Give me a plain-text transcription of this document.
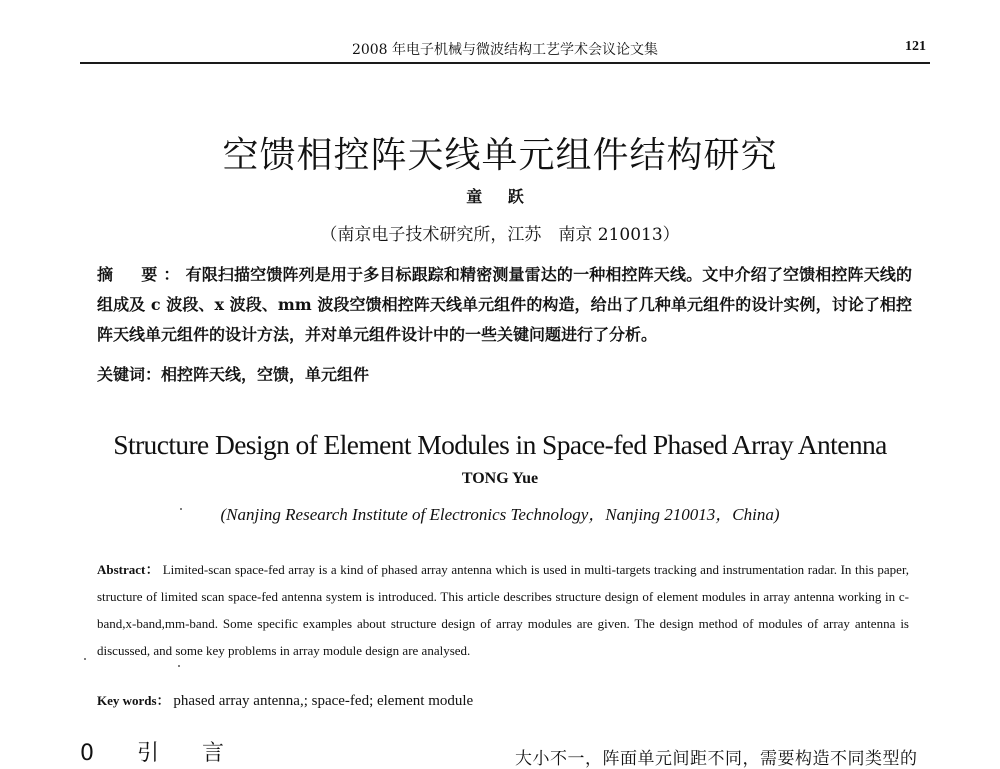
2008 年电子机械与微波结构工艺学术会议论文集	121
空馈相控阵天线单元组件结构研究
童 跃
（南京电子技术研究所，江苏　南京 210013）
摘　要：有限扫描空馈阵列是用于多目标跟踪和精密测量雷达的一种相控阵天线。文中介绍了空馈相控阵天线的组成及 c 波段、x 波段、mm 波段空馈相控阵天线单元组件的构造，给出了几种单元组件的设计实例，讨论了相控阵天线单元组件的设计方法，并对单元组件设计中的一些关键问题进行了分析。
关键词：相控阵天线，空馈，单元组件
Structure Design of Element Modules in Space-fed Phased Array Antenna
TONG Yue
(Nanjing Research Institute of Electronics Technology，Nanjing 210013，China)
Abstract： Limited-scan space-fed array is a kind of phased array antenna which is used in multi-targets tracking and instrumentation radar. In this paper, structure of limited scan space-fed antenna system is introduced. This article describes structure design of element modules in array antenna working in c-band,x-band,mm-band. Some specific examples about structure design of array modules are given. The design method of modules of array antenna is discussed, and some key problems in array module design are analysed.
Key words： phased array antenna,; space-fed; element module
0 引 言	大小不一，阵面单元间距不同，需要构造不同类型的
